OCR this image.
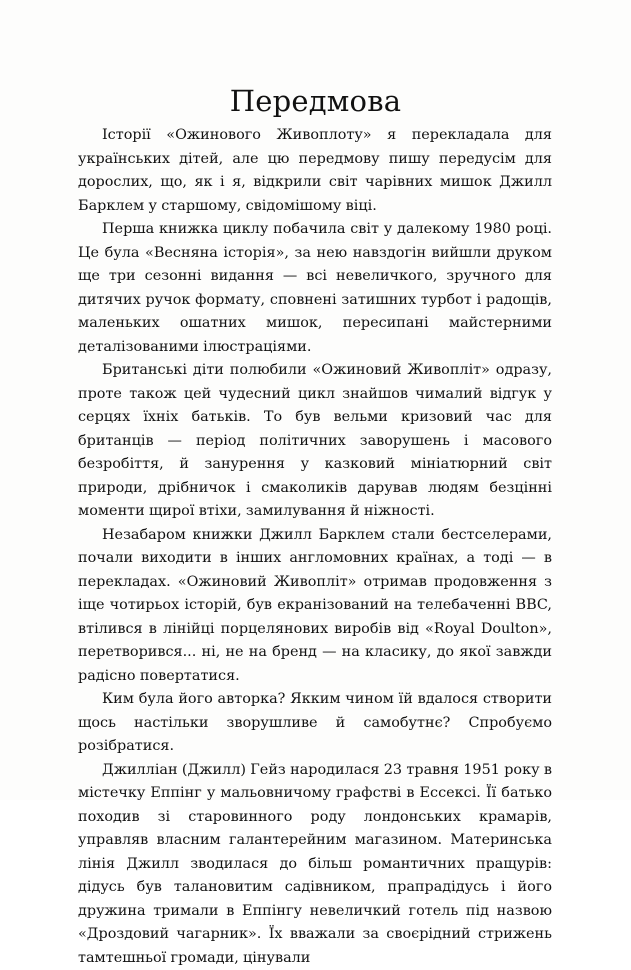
Передмова

Історії «Ожинового Живоплоту» я перекладала для українських дітей, але цю передмову пишу передусім для дорослих, що, як і я, відкрили світ чарівних мишок Джилл Барклем у старшому, свідомішому віці.

Перша книжка циклу побачила світ у далекому 1980 році. Це була «Весняна історія», за нею навздогін вийшли друком ще три сезонні видання — всі невеличкого, зручного для дитячих ручок формату, сповнені затишних турбот і радощів, маленьких ошатних мишок, пересипані майстерними деталізованими ілюстраціями.

Британські діти полюбили «Ожиновий Живопліт» одразу, проте також цей чудесний цикл знайшов чималий відгук у серцях їхніх батьків. То був вельми кризовий час для британців — період політичних заворушень і масового безробіття, й занурення у казковий мініатюрний світ природи, дрібничок і смаколиків дарував людям безцінні моменти щирої втіхи, замилування й ніжності.

Незабаром книжки Джилл Барклем стали бестселерами, почали виходити в інших англомовних країнах, а тоді — в перекладах. «Ожиновий Живопліт» отримав продовження з іще чотирьох історій, був екранізований на телебаченні BBC, втілився в лінійці порцелянових виробів від «Royal Doulton», перетворився... ні, не на бренд — на класику, до якої завжди радісно повертатися.

Ким була його авторка? Якким чином їй вдалося створити щось настільки зворушливе й самобутнє? Спробуємо розібратися.

Джилліан (Джилл) Гейз народилася 23 травня 1951 року в містечку Еппінг у мальовничому графстві в Ессексі. Її батько походив зі старовинного роду лондонських крамарів, управляв власним галантерейним магазином. Материнська лінія Джилл зводилася до більш романтичних пращурів: дідусь був талановитим садівником, прапрадідусь і його дружина тримали в Еппінгу невеличкий готель під назвою «Дроздовий чагарник». Їх вважали за своєрідний стрижень тамтешньої громади, цінували
